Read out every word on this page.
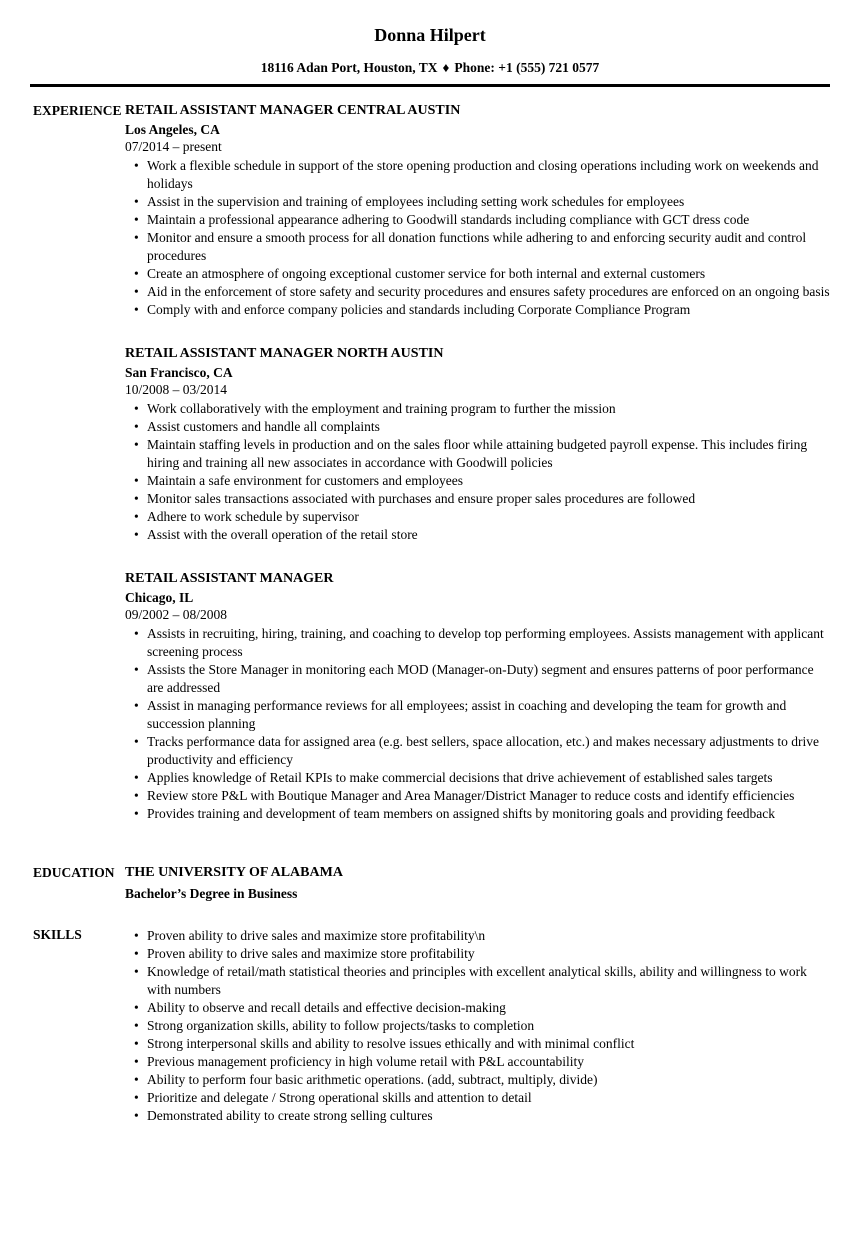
Donna Hilpert
18116 Adan Port, Houston, TX ♦ Phone: +1 (555) 721 0577
EXPERIENCE RETAIL ASSISTANT MANAGER CENTRAL AUSTIN
Los Angeles, CA
07/2014 – present
• Work a flexible schedule in support of the store opening production and closing operations including work on weekends and holidays
• Assist in the supervision and training of employees including setting work schedules for employees
• Maintain a professional appearance adhering to Goodwill standards including compliance with GCT dress code
• Monitor and ensure a smooth process for all donation functions while adhering to and enforcing security audit and control procedures
• Create an atmosphere of ongoing exceptional customer service for both internal and external customers
• Aid in the enforcement of store safety and security procedures and ensures safety procedures are enforced on an ongoing basis
• Comply with and enforce company policies and standards including Corporate Compliance Program
RETAIL ASSISTANT MANAGER NORTH AUSTIN
San Francisco, CA
10/2008 – 03/2014
• Work collaboratively with the employment and training program to further the mission
• Assist customers and handle all complaints
• Maintain staffing levels in production and on the sales floor while attaining budgeted payroll expense. This includes firing hiring and training all new associates in accordance with Goodwill policies
• Maintain a safe environment for customers and employees
• Monitor sales transactions associated with purchases and ensure proper sales procedures are followed
• Adhere to work schedule by supervisor
• Assist with the overall operation of the retail store
RETAIL ASSISTANT MANAGER
Chicago, IL
09/2002 – 08/2008
• Assists in recruiting, hiring, training, and coaching to develop top performing employees. Assists management with applicant screening process
• Assists the Store Manager in monitoring each MOD (Manager-on-Duty) segment and ensures patterns of poor performance are addressed
• Assist in managing performance reviews for all employees; assist in coaching and developing the team for growth and succession planning
• Tracks performance data for assigned area (e.g. best sellers, space allocation, etc.) and makes necessary adjustments to drive productivity and efficiency
• Applies knowledge of Retail KPIs to make commercial decisions that drive achievement of established sales targets
• Review store P&L with Boutique Manager and Area Manager/District Manager to reduce costs and identify efficiencies
• Provides training and development of team members on assigned shifts by monitoring goals and providing feedback
EDUCATION THE UNIVERSITY OF ALABAMA
Bachelor’s Degree in Business
SKILLS	• Proven ability to drive sales and maximize store profitability\n
• Proven ability to drive sales and maximize store profitability
• Knowledge of retail/math statistical theories and principles with excellent analytical skills, ability and willingness to work with numbers
• Ability to observe and recall details and effective decision-making
• Strong organization skills, ability to follow projects/tasks to completion
• Strong interpersonal skills and ability to resolve issues ethically and with minimal conflict
• Previous management proficiency in high volume retail with P&L accountability
• Ability to perform four basic arithmetic operations. (add, subtract, multiply, divide)
• Prioritize and delegate / Strong operational skills and attention to detail
• Demonstrated ability to create strong selling cultures
